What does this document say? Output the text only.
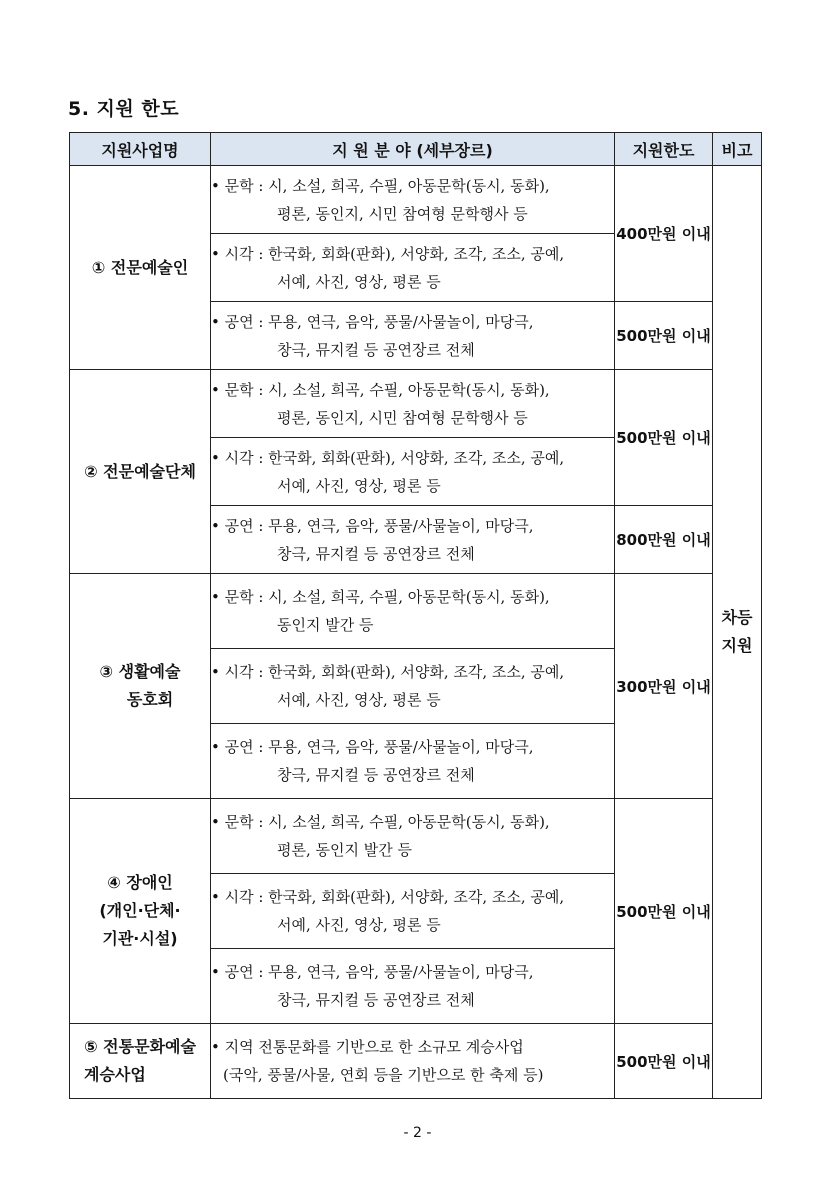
5. 지원 한도
지원사업명	지 원 분 야 (세부장르)	지원한도	비고

① 전문예술인	• 문학 : 시, 소설, 희곡, 수필, 아동문학(동시, 동화),
평론, 동인지, 시민 참여형 문학행사 등	400만원 이내	차등
지원

	• 시각 : 한국화, 회화(판화), 서양화, 조각, 조소, 공예,
서예, 사진, 영상, 평론 등		

	• 공연 : 무용, 연극, 음악, 풍물/사물놀이, 마당극,
창극, 뮤지컬 등 공연장르 전체	500만원 이내	

② 전문예술단체	• 문학 : 시, 소설, 희곡, 수필, 아동문학(동시, 동화),
평론, 동인지, 시민 참여형 문학행사 등	500만원 이내	

	• 시각 : 한국화, 회화(판화), 서양화, 조각, 조소, 공예,
서예, 사진, 영상, 평론 등		

	• 공연 : 무용, 연극, 음악, 풍물/사물놀이, 마당극,
창극, 뮤지컬 등 공연장르 전체	800만원 이내	

③ 생활예술
동호회	• 문학 : 시, 소설, 희곡, 수필, 아동문학(동시, 동화),
동인지 발간 등	300만원 이내	

	• 시각 : 한국화, 회화(판화), 서양화, 조각, 조소, 공예,
서예, 사진, 영상, 평론 등		

	• 공연 : 무용, 연극, 음악, 풍물/사물놀이, 마당극,
창극, 뮤지컬 등 공연장르 전체		

④ 장애인
(개인·단체·
기관·시설)	• 문학 : 시, 소설, 희곡, 수필, 아동문학(동시, 동화),
평론, 동인지 발간 등	500만원 이내	

	• 시각 : 한국화, 회화(판화), 서양화, 조각, 조소, 공예,
서예, 사진, 영상, 평론 등		

	• 공연 : 무용, 연극, 음악, 풍물/사물놀이, 마당극,
창극, 뮤지컬 등 공연장르 전체		

⑤ 전통문화예술
계승사업	• 지역 전통문화를 기반으로 한 소규모 계승사업
(국악, 풍물/사물, 연회 등을 기반으로 한 축제 등)	500만원 이내	
- 2 -
